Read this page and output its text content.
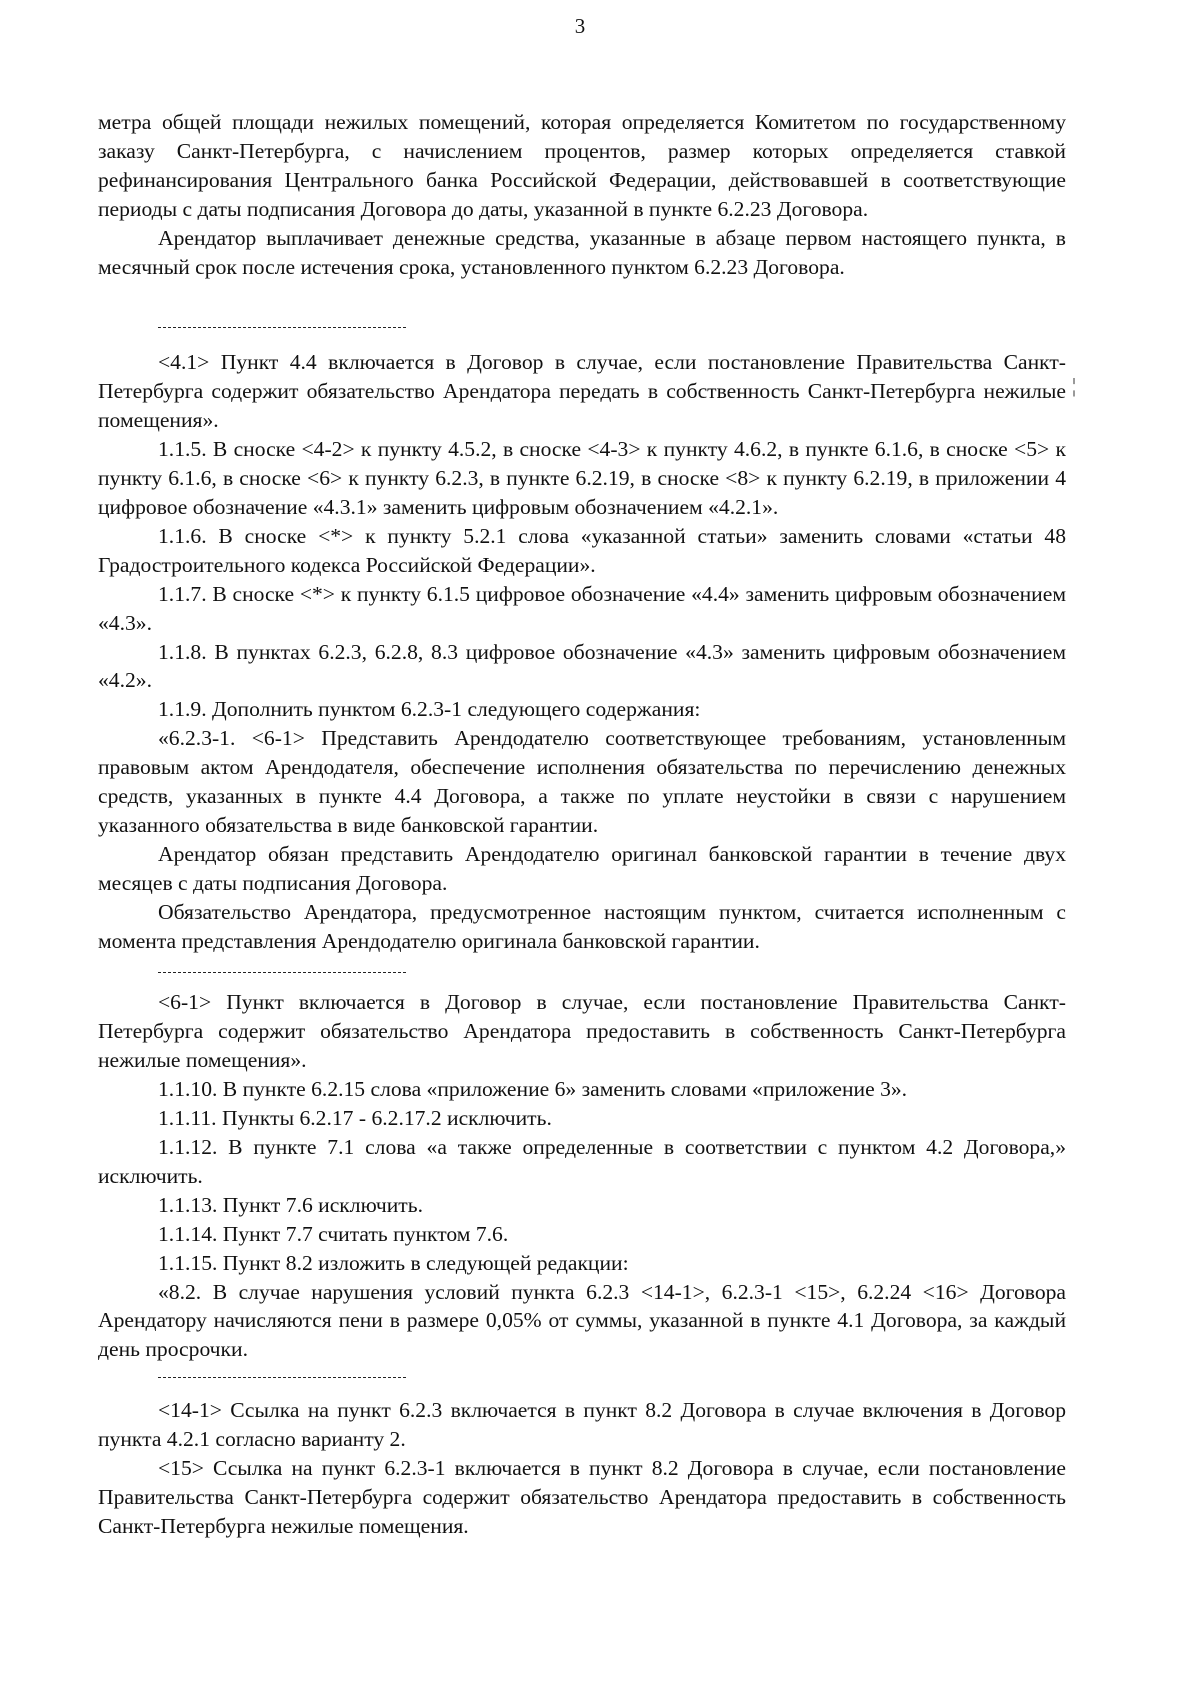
3
¦

метра общей площади нежилых помещений, которая определяется Комитетом по государственному заказу Санкт-Петербурга, с начислением процентов, размер которых определяется ставкой рефинансирования Центрального банка Российской Федерации, действовавшей в соответствующие периоды с даты подписания Договора до даты, указанной в пункте 6.2.23 Договора.

Арендатор выплачивает денежные средства, указанные в абзаце первом настоящего пункта, в месячный срок после истечения срока, установленного пунктом 6.2.23 Договора.

<4.1> Пункт 4.4 включается в Договор в случае, если постановление Правительства Санкт-Петербурга содержит обязательство Арендатора передать в собственность Санкт-Петербурга нежилые помещения».

1.1.5. В сноске <4-2> к пункту 4.5.2, в сноске <4-3> к пункту 4.6.2, в пункте 6.1.6, в сноске <5> к пункту 6.1.6, в сноске <6> к пункту 6.2.3, в пункте 6.2.19, в сноске <8> к пункту 6.2.19, в приложении 4 цифровое обозначение «4.3.1» заменить цифровым обозначением «4.2.1».

1.1.6. В сноске <*> к пункту 5.2.1 слова «указанной статьи» заменить словами «статьи 48 Градостроительного кодекса Российской Федерации».

1.1.7. В сноске <*> к пункту 6.1.5 цифровое обозначение «4.4» заменить цифровым обозначением «4.3».

1.1.8. В пунктах 6.2.3, 6.2.8, 8.3 цифровое обозначение «4.3» заменить цифровым обозначением «4.2».

1.1.9. Дополнить пунктом 6.2.3-1 следующего содержания:

«6.2.3-1. <6-1> Представить Арендодателю соответствующее требованиям, установленным правовым актом Арендодателя, обеспечение исполнения обязательства по перечислению денежных средств, указанных в пункте 4.4 Договора, а также по уплате неустойки в связи с нарушением указанного обязательства в виде банковской гарантии.

Арендатор обязан представить Арендодателю оригинал банковской гарантии в течение двух месяцев с даты подписания Договора.

Обязательство Арендатора, предусмотренное настоящим пунктом, считается исполненным с момента представления Арендодателю оригинала банковской гарантии.

<6-1> Пункт включается в Договор в случае, если постановление Правительства Санкт-Петербурга содержит обязательство Арендатора предоставить в собственность Санкт-Петербурга нежилые помещения».

1.1.10. В пункте 6.2.15 слова «приложение 6» заменить словами «приложение 3».

1.1.11. Пункты 6.2.17 - 6.2.17.2 исключить.

1.1.12. В пункте 7.1 слова «а также определенные в соответствии с пунктом 4.2 Договора,» исключить.

1.1.13. Пункт 7.6 исключить.

1.1.14. Пункт 7.7 считать пунктом 7.6.

1.1.15. Пункт 8.2 изложить в следующей редакции:

«8.2. В случае нарушения условий пункта 6.2.3 <14-1>, 6.2.3-1 <15>, 6.2.24 <16> Договора Арендатору начисляются пени в размере 0,05% от суммы, указанной в пункте 4.1 Договора, за каждый день просрочки.

<14-1> Ссылка на пункт 6.2.3 включается в пункт 8.2 Договора в случае включения в Договор пункта 4.2.1 согласно варианту 2.

<15> Ссылка на пункт 6.2.3-1 включается в пункт 8.2 Договора в случае, если постановление Правительства Санкт-Петербурга содержит обязательство Арендатора предоставить в собственность Санкт-Петербурга нежилые помещения.
